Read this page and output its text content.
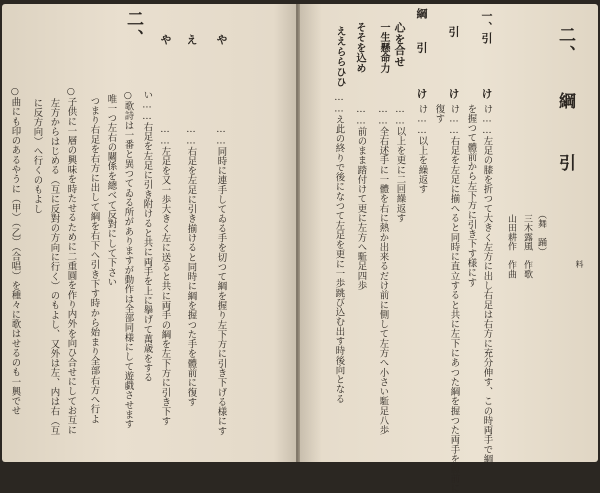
料
二、
綱
引
（舞　踊）
三木露風　作歌
山田耕作　作曲
一、引
け
け……左足の膝を折つて大きく左方に出し右足は右方に充分伸す、この時両手で綱
を握つて體前から左下方に引き下す様にす
引
け
け……右足を左足に揃へると同時に直立すると共に左下にあつた綱を握つた両手を體前に
復す
綱　　引
け
け……以上を繰返す
心を合せ
……以上を更に二回繰返す
一生懸命力
……全右述手に一體を右に熱か出来るだけ前に側して左方へ小さい駈足八歩
そそを込め
……前のまま踏付けて更に左方へ駈足四歩
ええららひひ
……え此の終りで後になつて左足を更に一歩跳び込む出す時後向となる
や
え
や
二、
……同時に連手してゐる手を切つて綱を握り左下方に引き下げる様にす
……右足を左足に引き揃けると同時に綱を握つた手を體前に復す
……左足を又一歩大きく左に送ると共に両手の綱を左下方に引き下す
い……右足を左足に引き附けると共に両手を上に擧げて萬歳をする
○歌詩は一番と異つてゐる所がありますが動作は全部同様にして遊戯させます
唯一つ左右の關係を總べて反對にして下さい
つまり右足を右方に出して綱を右下へ引き下す時から始まり全部右方へ行よ
○子供に一層の興味を時たせるために二重圓を作り内外を向ひ合せにしてお互に
左方からはじめる（互に反對の方向に行く）のもよし、又外は左、内は右（互
に反方向）へ行くのもよし
○曲にも印のあるやうに（甲）（乙）（合唱）を種々に歌はせるのも一興でせ
